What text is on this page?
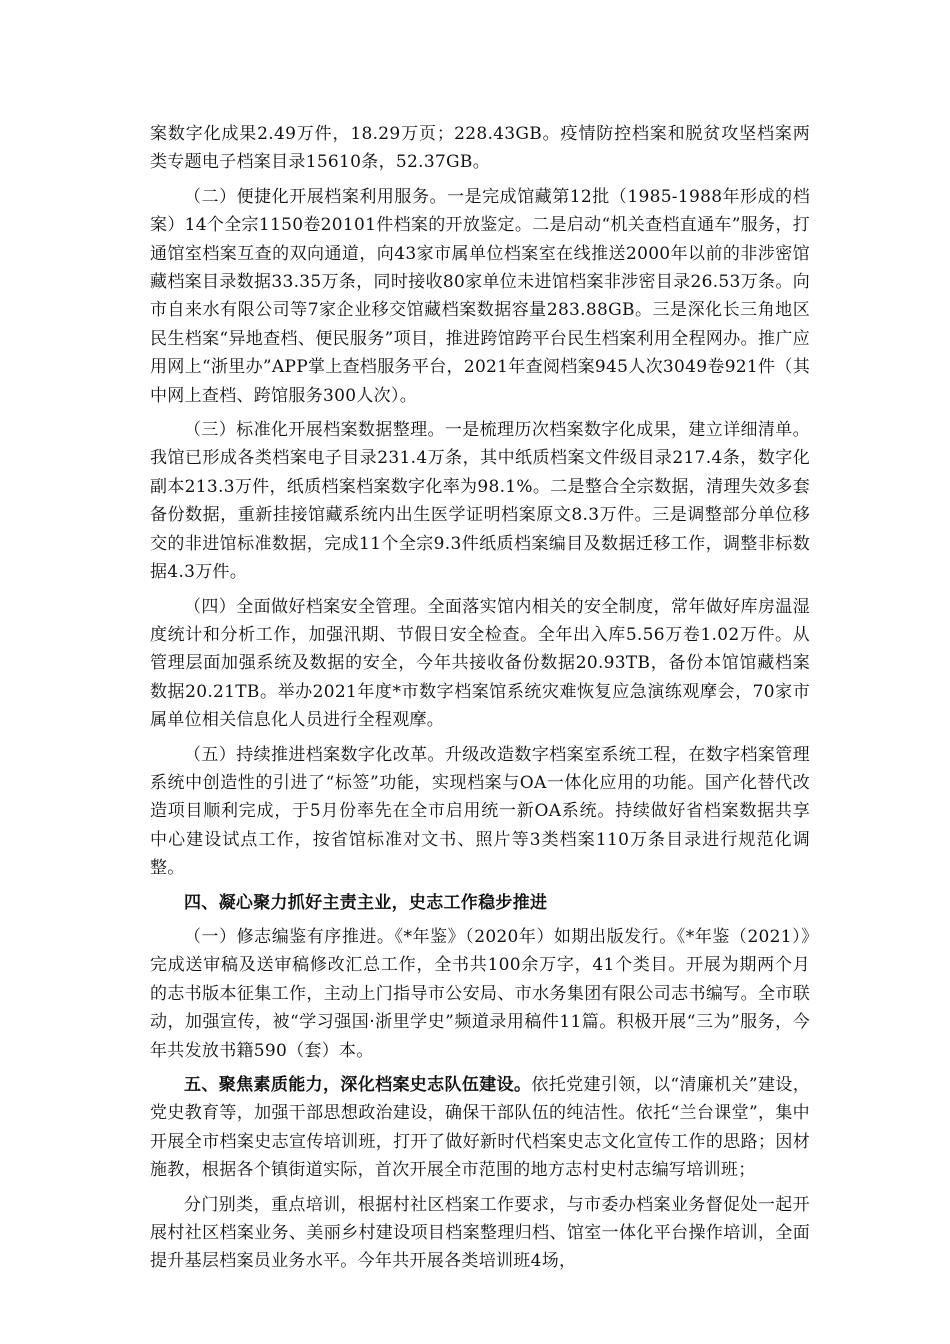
案数字化成果2.49万件，18.29万页；228.43GB。疫情防控档案和脱贫攻坚档案两类专题电子档案目录15610条，52.37GB。

（二）便捷化开展档案利用服务。一是完成馆藏第12批（1985-1988年形成的档案）14个全宗1150卷20101件档案的开放鉴定。二是启动“机关查档直通车”服务，打通馆室档案互查的双向通道，向43家市属单位档案室在线推送2000年以前的非涉密馆藏档案目录数据33.35万条，同时接收80家单位未进馆档案非涉密目录26.53万条。向市自来水有限公司等7家企业移交馆藏档案数据容量283.88GB。三是深化长三角地区民生档案“异地查档、便民服务”项目，推进跨馆跨平台民生档案利用全程网办。推广应用网上“浙里办”APP掌上查档服务平台，2021年查阅档案945人次3049卷921件（其中网上查档、跨馆服务300人次）。

（三）标准化开展档案数据整理。一是梳理历次档案数字化成果，建立详细清单。我馆已形成各类档案电子目录231.4万条，其中纸质档案文件级目录217.4条，数字化副本213.3万件，纸质档案档案数字化率为98.1%。二是整合全宗数据，清理失效多套备份数据，重新挂接馆藏系统内出生医学证明档案原文8.3万件。三是调整部分单位移交的非进馆标准数据，完成11个全宗9.3件纸质档案编目及数据迁移工作，调整非标数据4.3万件。

（四）全面做好档案安全管理。全面落实馆内相关的安全制度，常年做好库房温湿度统计和分析工作，加强汛期、节假日安全检查。全年出入库5.56万卷1.02万件。从管理层面加强系统及数据的安全，今年共接收备份数据20.93TB，备份本馆馆藏档案数据20.21TB。举办2021年度*市数字档案馆系统灾难恢复应急演练观摩会，70家市属单位相关信息化人员进行全程观摩。

（五）持续推进档案数字化改革。升级改造数字档案室系统工程，在数字档案管理系统中创造性的引进了“标签”功能，实现档案与OA一体化应用的功能。国产化替代改造项目顺利完成，于5月份率先在全市启用统一新OA系统。持续做好省档案数据共享中心建设试点工作，按省馆标准对文书、照片等3类档案110万条目录进行规范化调整。

四、凝心聚力抓好主责主业，史志工作稳步推进

（一）修志编鉴有序推进。《*年鉴》（2020年）如期出版发行。《*年鉴（2021）》完成送审稿及送审稿修改汇总工作，全书共100余万字，41个类目。开展为期两个月的志书版本征集工作，主动上门指导市公安局、市水务集团有限公司志书编写。全市联动，加强宣传，被“学习强国·浙里学史”频道录用稿件11篇。积极开展“三为”服务，今年共发放书籍590（套）本。

五、聚焦素质能力，深化档案史志队伍建设。依托党建引领，以“清廉机关”建设，党史教育等，加强干部思想政治建设，确保干部队伍的纯洁性。依托“兰台课堂”，集中开展全市档案史志宣传培训班，打开了做好新时代档案史志文化宣传工作的思路；因材施教，根据各个镇街道实际，首次开展全市范围的地方志村史村志编写培训班；

分门别类，重点培训，根据村社区档案工作要求，与市委办档案业务督促处一起开展村社区档案业务、美丽乡村建设项目档案整理归档、馆室一体化平台操作培训，全面提升基层档案员业务水平。今年共开展各类培训班4场，
